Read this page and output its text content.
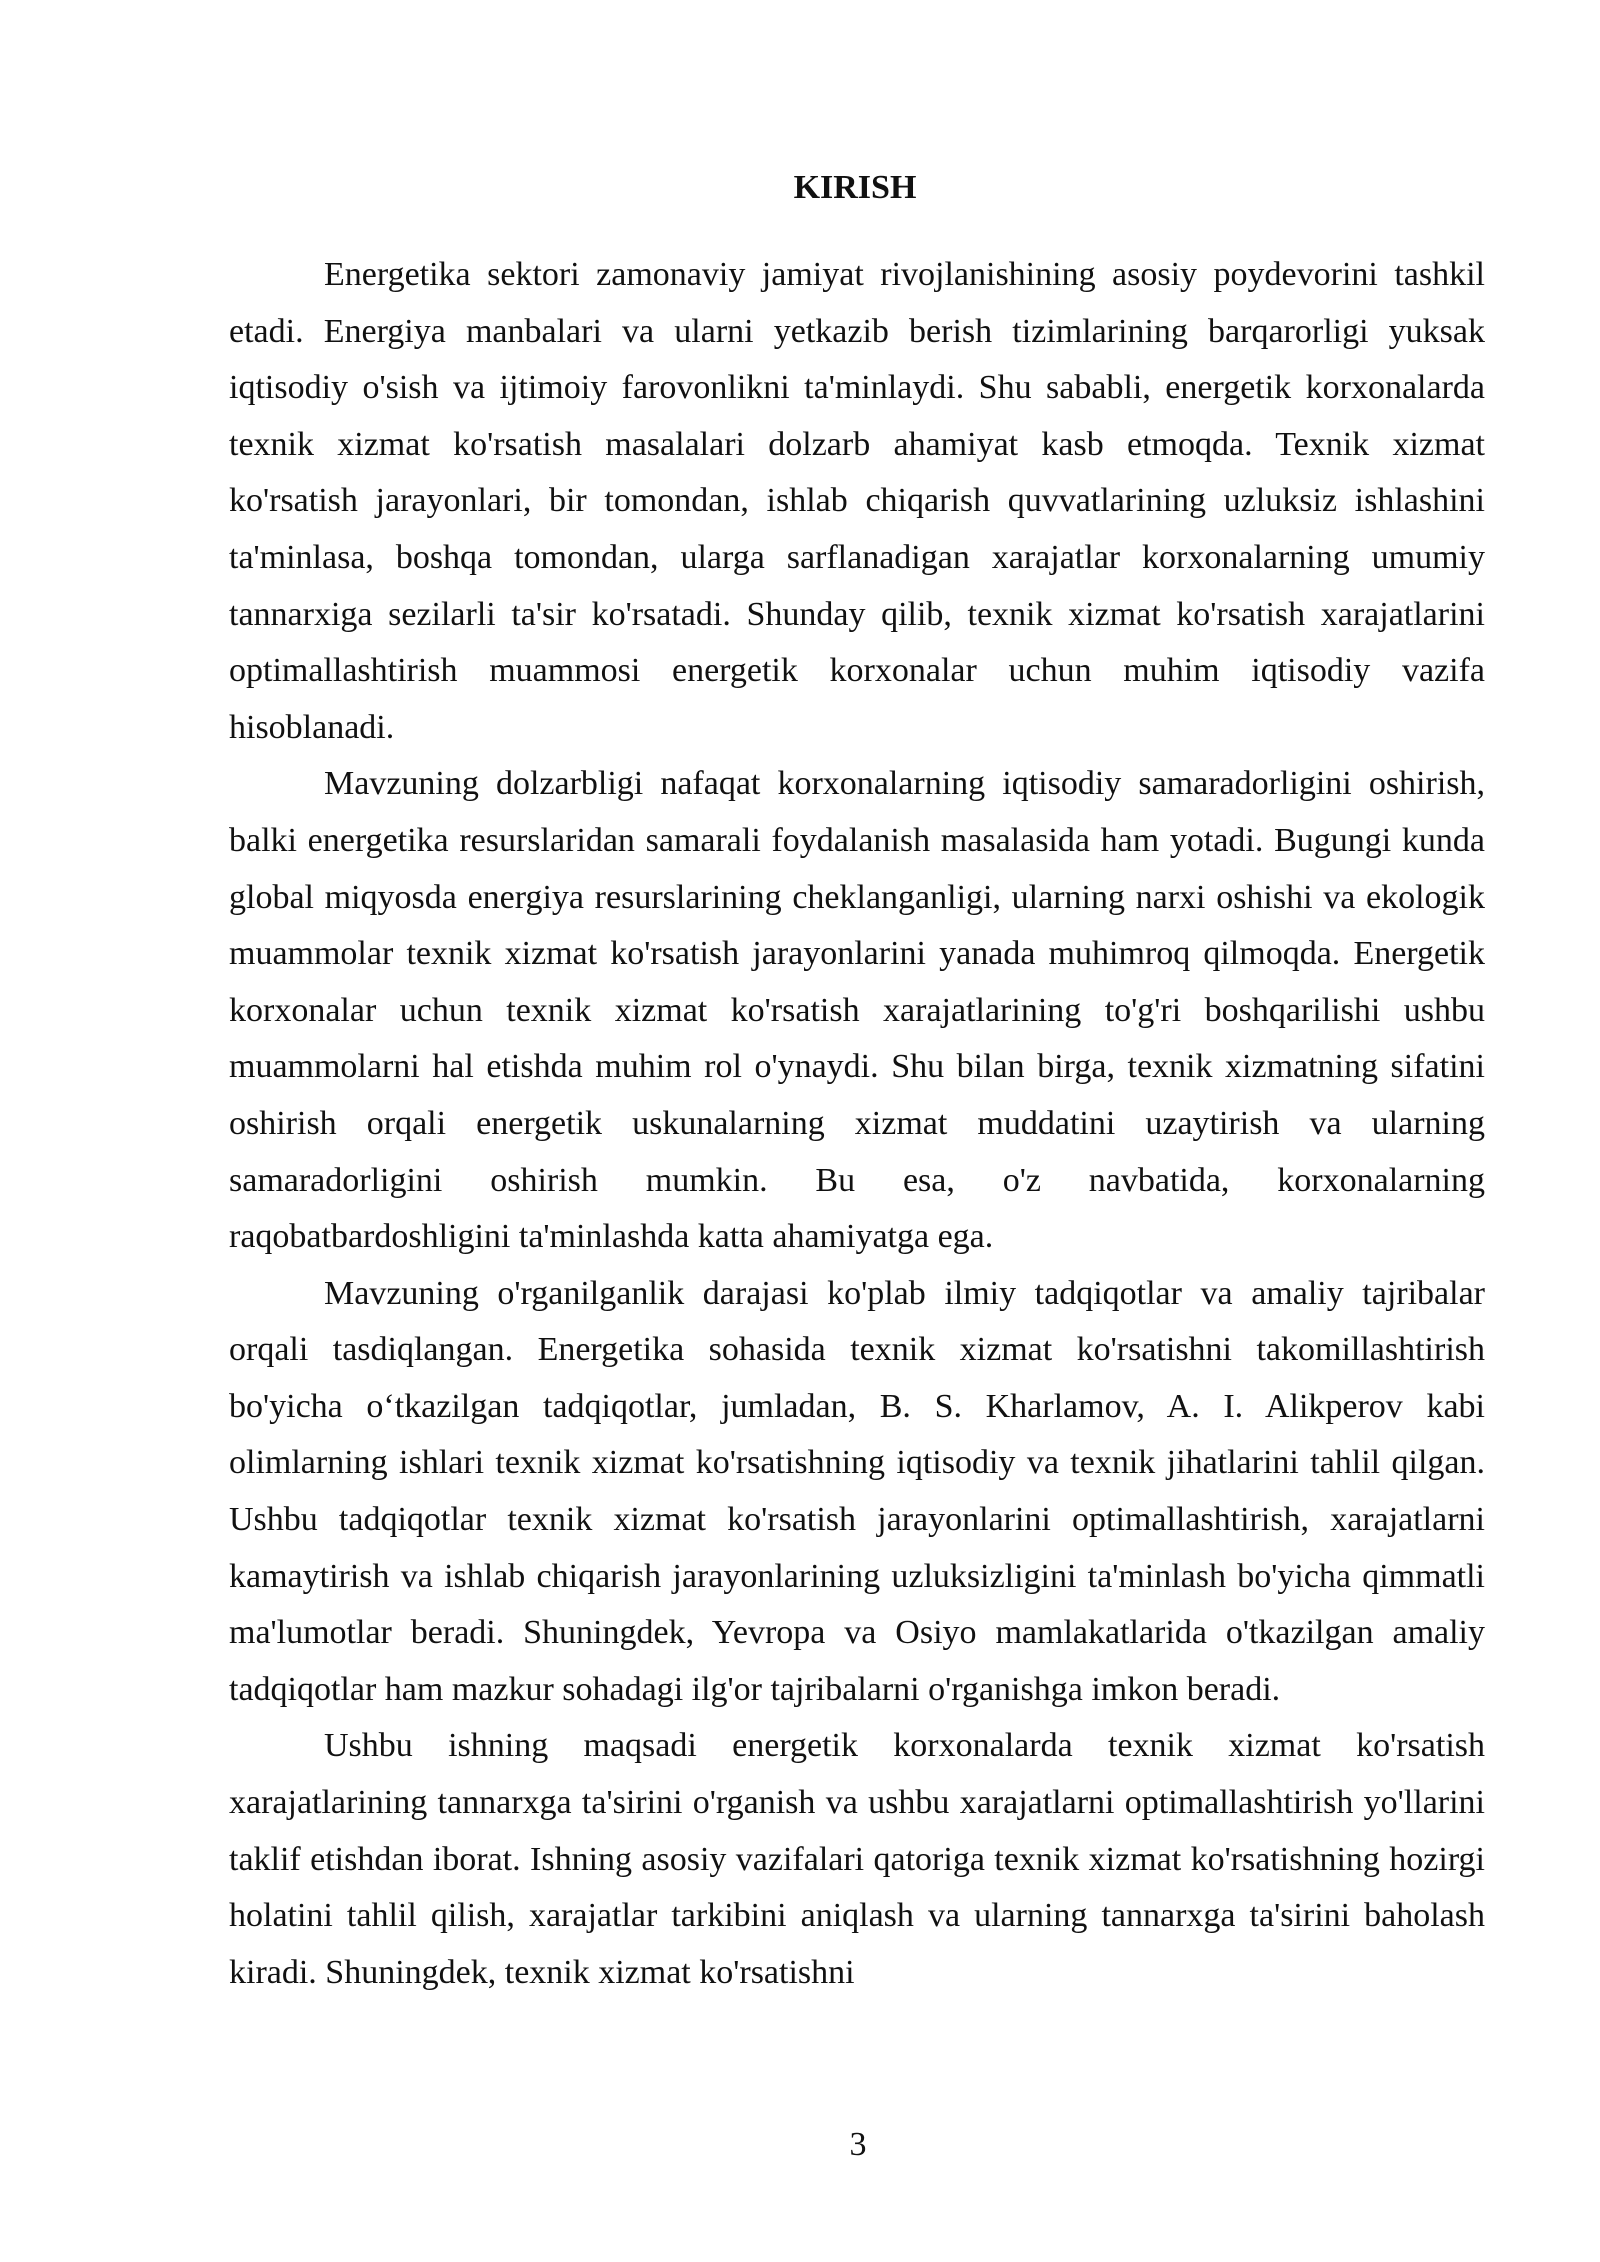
KIRISH

Energetika sektori zamonaviy jamiyat rivojlanishining asosiy poydevorini tashkil etadi. Energiya manbalari va ularni yetkazib berish tizimlarining barqarorligi yuksak iqtisodiy o'sish va ijtimoiy farovonlikni ta'minlaydi. Shu sababli, energetik korxonalarda texnik xizmat ko'rsatish masalalari dolzarb ahamiyat kasb etmoqda. Texnik xizmat ko'rsatish jarayonlari, bir tomondan, ishlab chiqarish quvvatlarining uzluksiz ishlashini ta'minlasa, boshqa tomondan, ularga sarflanadigan xarajatlar korxonalarning umumiy tannarxiga sezilarli ta'sir ko'rsatadi. Shunday qilib, texnik xizmat ko'rsatish xarajatlarini optimallashtirish muammosi energetik korxonalar uchun muhim iqtisodiy vazifa hisoblanadi.

Mavzuning dolzarbligi nafaqat korxonalarning iqtisodiy samaradorligini oshirish, balki energetika resurslaridan samarali foydalanish masalasida ham yotadi. Bugungi kunda global miqyosda energiya resurslarining cheklanganligi, ularning narxi oshishi va ekologik muammolar texnik xizmat ko'rsatish jarayonlarini yanada muhimroq qilmoqda. Energetik korxonalar uchun texnik xizmat ko'rsatish xarajatlarining to'g'ri boshqarilishi ushbu muammolarni hal etishda muhim rol o'ynaydi. Shu bilan birga, texnik xizmatning sifatini oshirish orqali energetik uskunalarning xizmat muddatini uzaytirish va ularning samaradorligini oshirish mumkin. Bu esa, o'z navbatida, korxonalarning raqobatbardoshligini ta'minlashda katta ahamiyatga ega.

Mavzuning o'rganilganlik darajasi ko'plab ilmiy tadqiqotlar va amaliy tajribalar orqali tasdiqlangan. Energetika sohasida texnik xizmat ko'rsatishni takomillashtirish bo'yicha o‘tkazilgan tadqiqotlar, jumladan, B. S. Kharlamov, A. I. Alikperov kabi olimlarning ishlari texnik xizmat ko'rsatishning iqtisodiy va texnik jihatlarini tahlil qilgan. Ushbu tadqiqotlar texnik xizmat ko'rsatish jarayonlarini optimallashtirish, xarajatlarni kamaytirish va ishlab chiqarish jarayonlarining uzluksizligini ta'minlash bo'yicha qimmatli ma'lumotlar beradi. Shuningdek, Yevropa va Osiyo mamlakatlarida o'tkazilgan amaliy tadqiqotlar ham mazkur sohadagi ilg'or tajribalarni o'rganishga imkon beradi.

Ushbu ishning maqsadi energetik korxonalarda texnik xizmat ko'rsatish xarajatlarining tannarxga ta'sirini o'rganish va ushbu xarajatlarni optimallashtirish yo'llarini taklif etishdan iborat. Ishning asosiy vazifalari qatoriga texnik xizmat ko'rsatishning hozirgi holatini tahlil qilish, xarajatlar tarkibini aniqlash va ularning tannarxga ta'sirini baholash kiradi. Shuningdek, texnik xizmat ko'rsatishni

3
